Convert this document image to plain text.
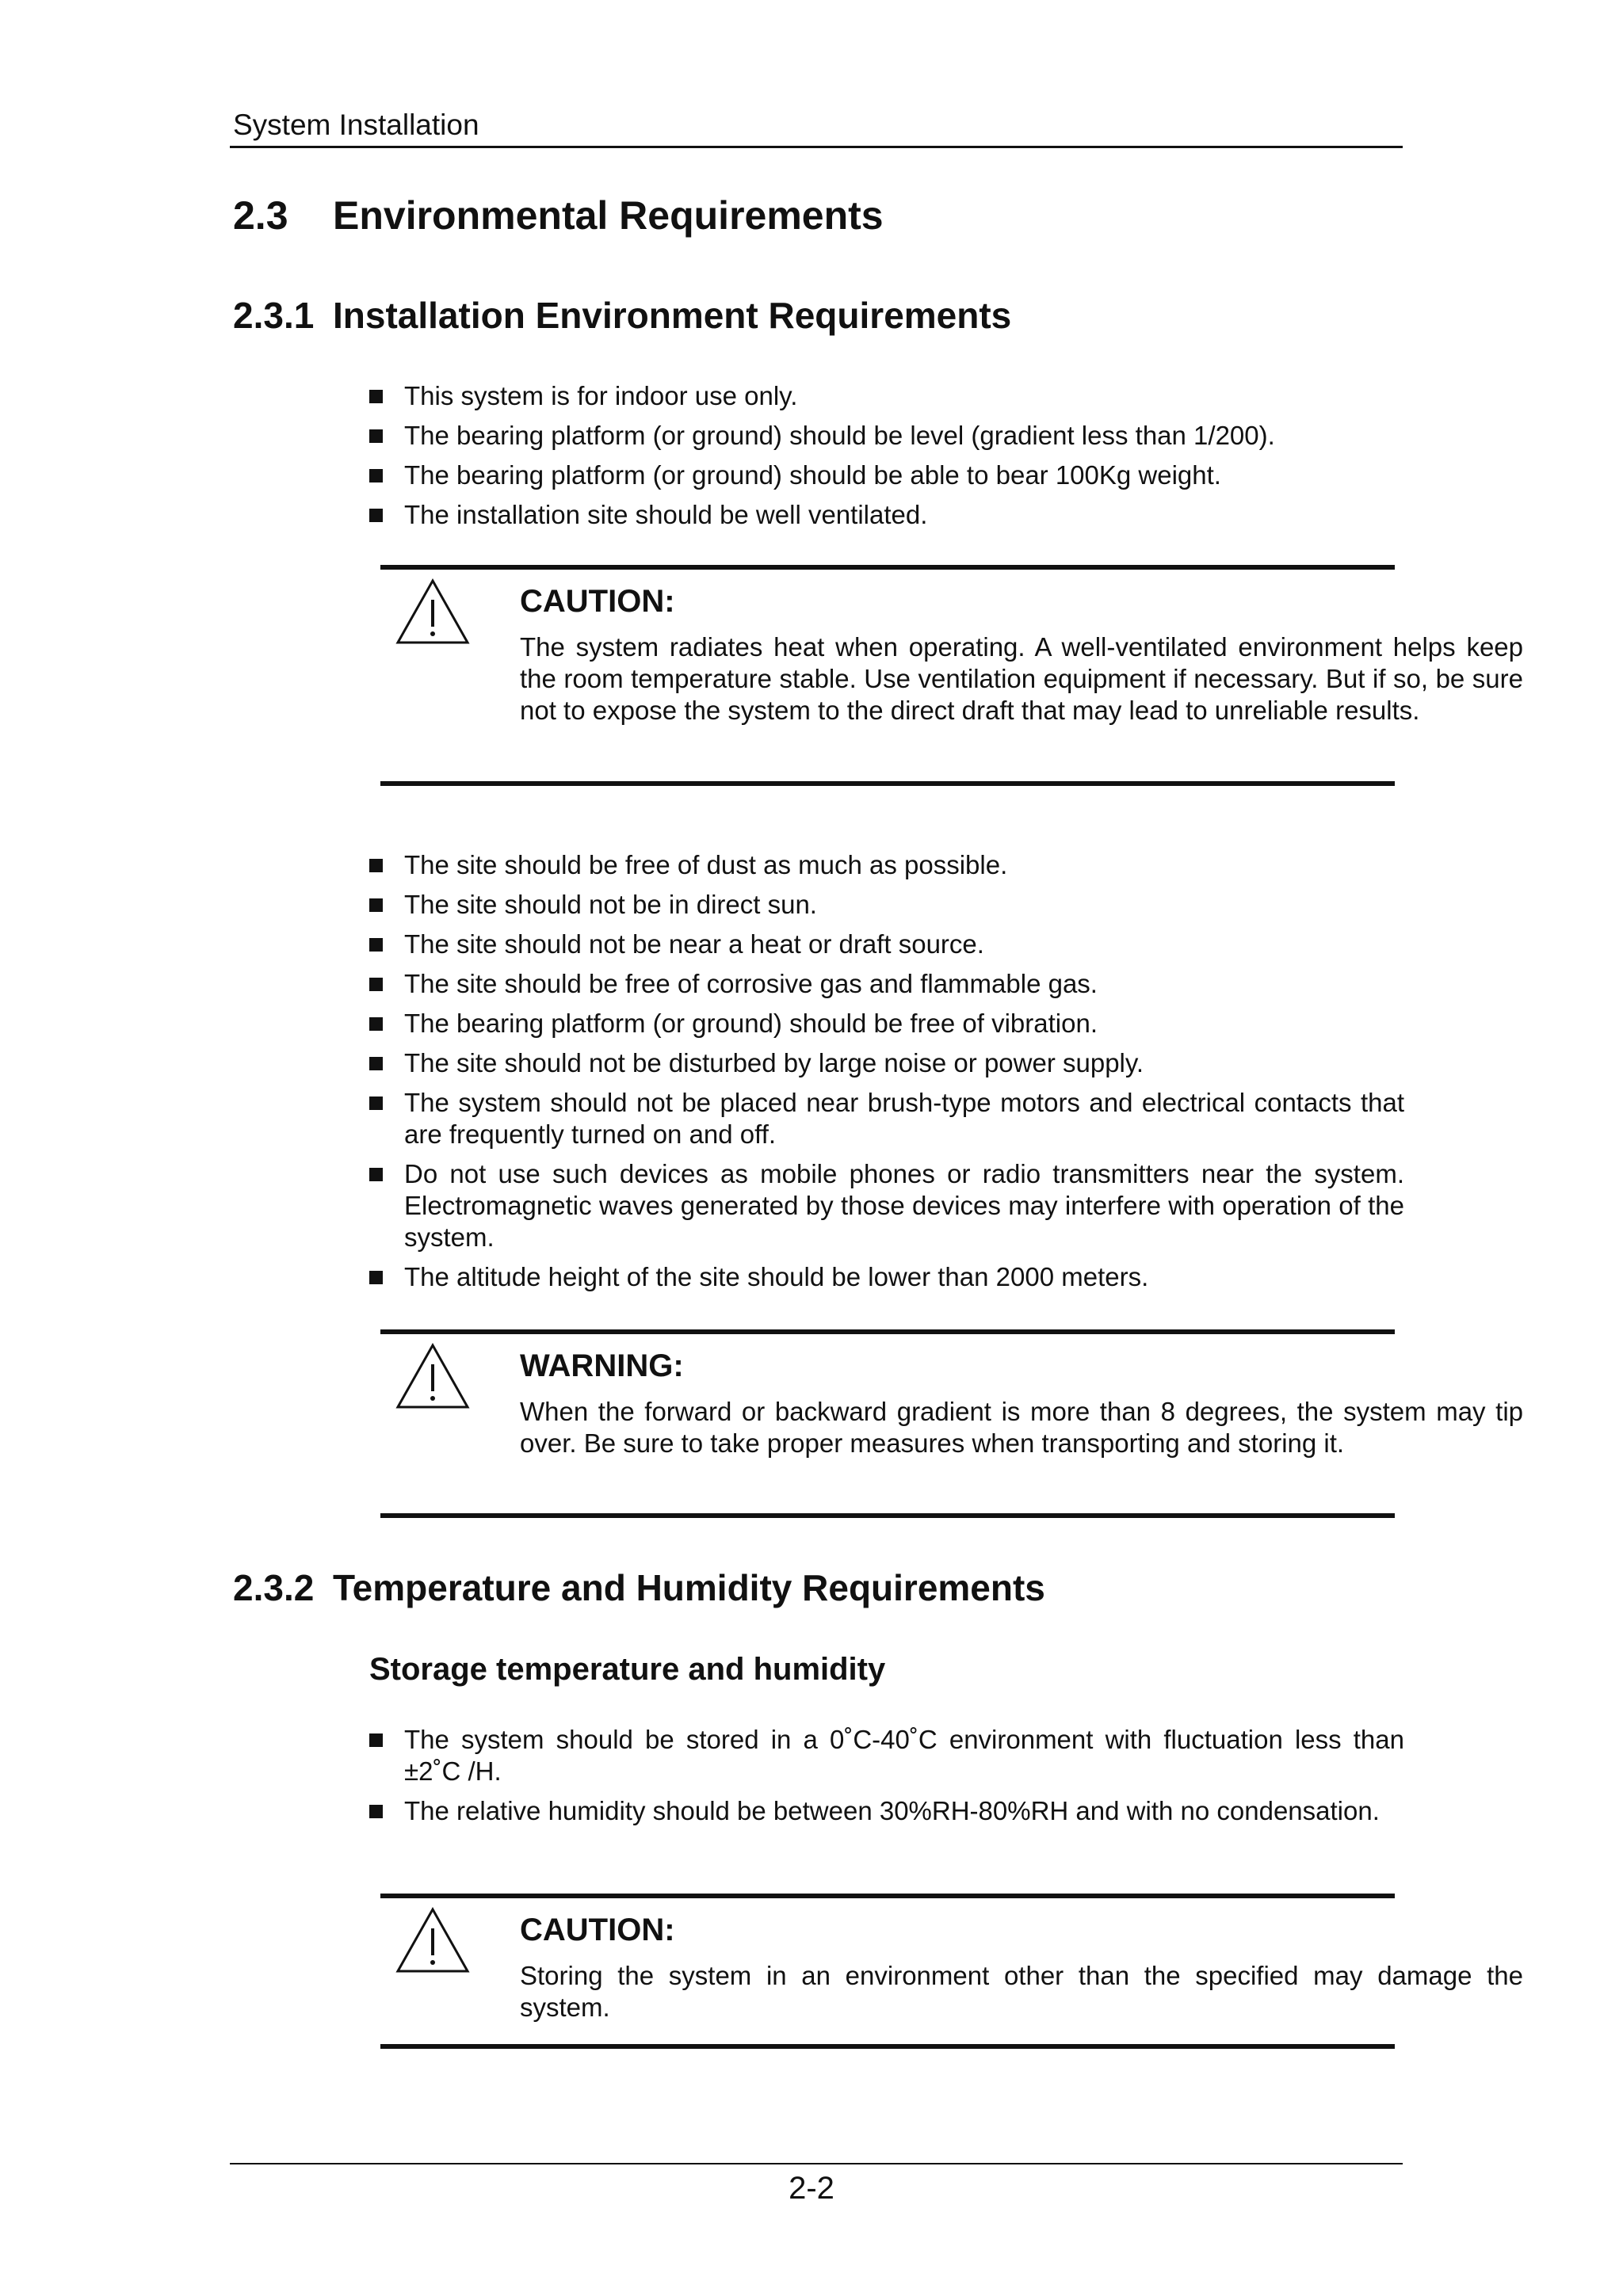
System Installation
2.3 Environmental Requirements
2.3.1 Installation Environment Requirements
This system is for indoor use only.
The bearing platform (or ground) should be level (gradient less than 1/200).
The bearing platform (or ground) should be able to bear 100Kg weight.
The installation site should be well ventilated.
CAUTION:
The system radiates heat when operating. A well-ventilated environment helps keep the room temperature stable. Use ventilation equipment if necessary. But if so, be sure not to expose the system to the direct draft that may lead to unreliable results.
The site should be free of dust as much as possible.
The site should not be in direct sun.
The site should not be near a heat or draft source.
The site should be free of corrosive gas and flammable gas.
The bearing platform (or ground) should be free of vibration.
The site should not be disturbed by large noise or power supply.
The system should not be placed near brush-type motors and electrical contacts that are frequently turned on and off.
Do not use such devices as mobile phones or radio transmitters near the system. Electromagnetic waves generated by those devices may interfere with operation of the system.
The altitude height of the site should be lower than 2000 meters.
WARNING:
When the forward or backward gradient is more than 8 degrees, the system may tip over. Be sure to take proper measures when transporting and storing it.
2.3.2 Temperature and Humidity Requirements
Storage temperature and humidity
The system should be stored in a 0˚C-40˚C environment with fluctuation less than ±2˚C /H.
The relative humidity should be between 30%RH-80%RH and with no condensation.
CAUTION:
Storing the system in an environment other than the specified may damage the system.
2-2
